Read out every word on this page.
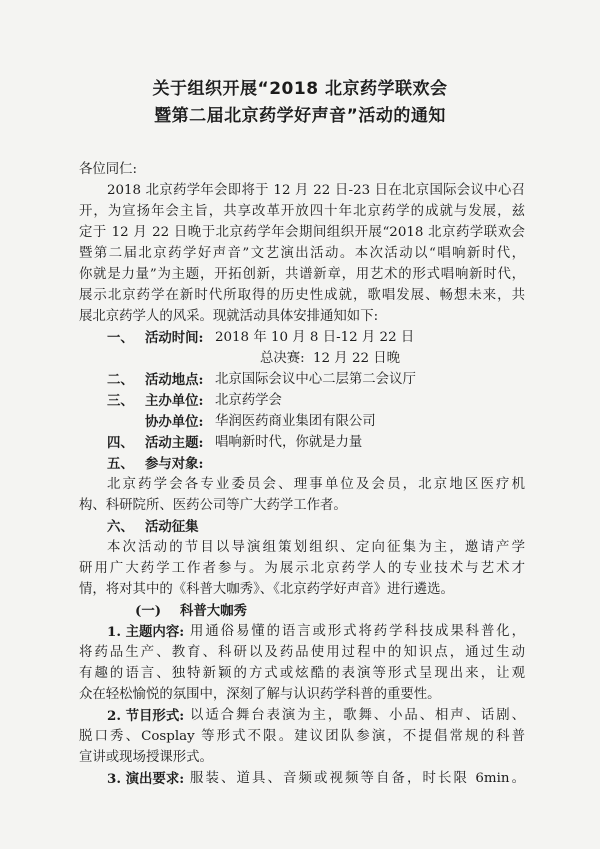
关于组织开展“2018 北京药学联欢会
暨第二届北京药学好声音”活动的通知
各位同仁:
2018 北京药学年会即将于 12 月 22 日-23 日在北京国际会议中心召
开，为宣扬年会主旨，共享改革开放四十年北京药学的成就与发展，兹
定于 12 月 22 日晚于北京药学年会期间组织开展“2018 北京药学联欢会
暨第二届北京药学好声音”文艺演出活动。本次活动以“唱响新时代，
你就是力量”为主题，开拓创新，共谱新章，用艺术的形式唱响新时代，
展示北京药学在新时代所取得的历史性成就，歌唱发展、畅想未来，共
展北京药学人的风采。现就活动具体安排通知如下:
一、 活动时间: 2018 年 10 月 8 日-12 月 22 日
总决赛: 12 月 22 日晚
二、 活动地点: 北京国际会议中心二层第二会议厅
三、 主办单位: 北京药学会
协办单位: 华润医药商业集团有限公司
四、 活动主题: 唱响新时代，你就是力量
五、 参与对象:
北京药学会各专业委员会、理事单位及会员，北京地区医疗机
构、科研院所、医药公司等广大药学工作者。
六、 活动征集
本次活动的节目以导演组策划组织、定向征集为主，邀请产学
研用广大药学工作者参与。为展示北京药学人的专业技术与艺术才
情，将对其中的《科普大咖秀》、《北京药学好声音》进行遴选。
(一)	科普大咖秀
1. 主题内容: 用通俗易懂的语言或形式将药学科技成果科普化，
将药品生产、教育、科研以及药品使用过程中的知识点，通过生动
有趣的语言、独特新颖的方式或炫酷的表演等形式呈现出来，让观
众在轻松愉悦的氛围中，深刻了解与认识药学科普的重要性。
2. 节目形式: 以适合舞台表演为主，歌舞、小品、相声、话剧、
脱口秀、Cosplay 等形式不限。建议团队参演，不提倡常规的科普
宣讲或现场授课形式。
3. 演出要求: 服装、道具、音频或视频等自备，时长限 6min。
